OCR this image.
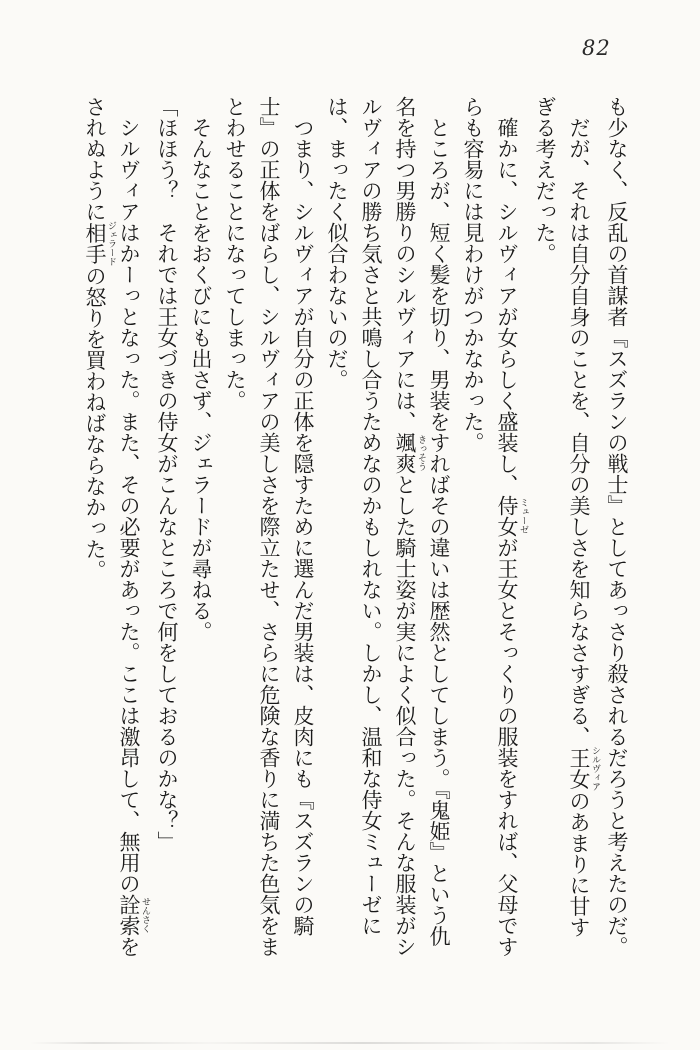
82

も少なく、反乱の首謀者『スズランの戦士』としてあっさり殺されるだろうと考えたのだ。

だが、それは自分自身のことを、自分の美しさを知らなさすぎる、王女 シルヴィアのあまりに甘すぎる考えだった。

確かに、シルヴィアが女らしく盛装し、侍女 ミューゼが王女とそっくりの服装をすれば、父母ですらも容易には見わけがつかなかった。

ところが、短く髪を切り、男装をすればその違いは歴然としてしまう。『鬼姫』という仇名を持つ男勝りのシルヴィアには、颯爽 きっそうとした騎士姿が実によく似合った。そんな服装がシルヴィアの勝ち気さと共鳴し合うためなのかもしれない。しかし、温和な侍女ミューゼには、まったく似合わないのだ。

つまり、シルヴィアが自分の正体を隠すために選んだ男装は、皮肉にも『スズランの騎士』の正体をばらし、シルヴィアの美しさを際立たせ、さらに危険な香りに満ちた色気をまとわせることになってしまった。

そんなことをおくびにも出さず、ジェラードが尋ねる。

「ほほう？　それでは王女づきの侍女がこんなところで何をしておるのかな？」

シルヴィアはかーっとなった。また、その必要があった。ここは激昂して、無用の詮索 せんさくをされぬように相手 ジェラードの怒りを買わねばならなかった。
